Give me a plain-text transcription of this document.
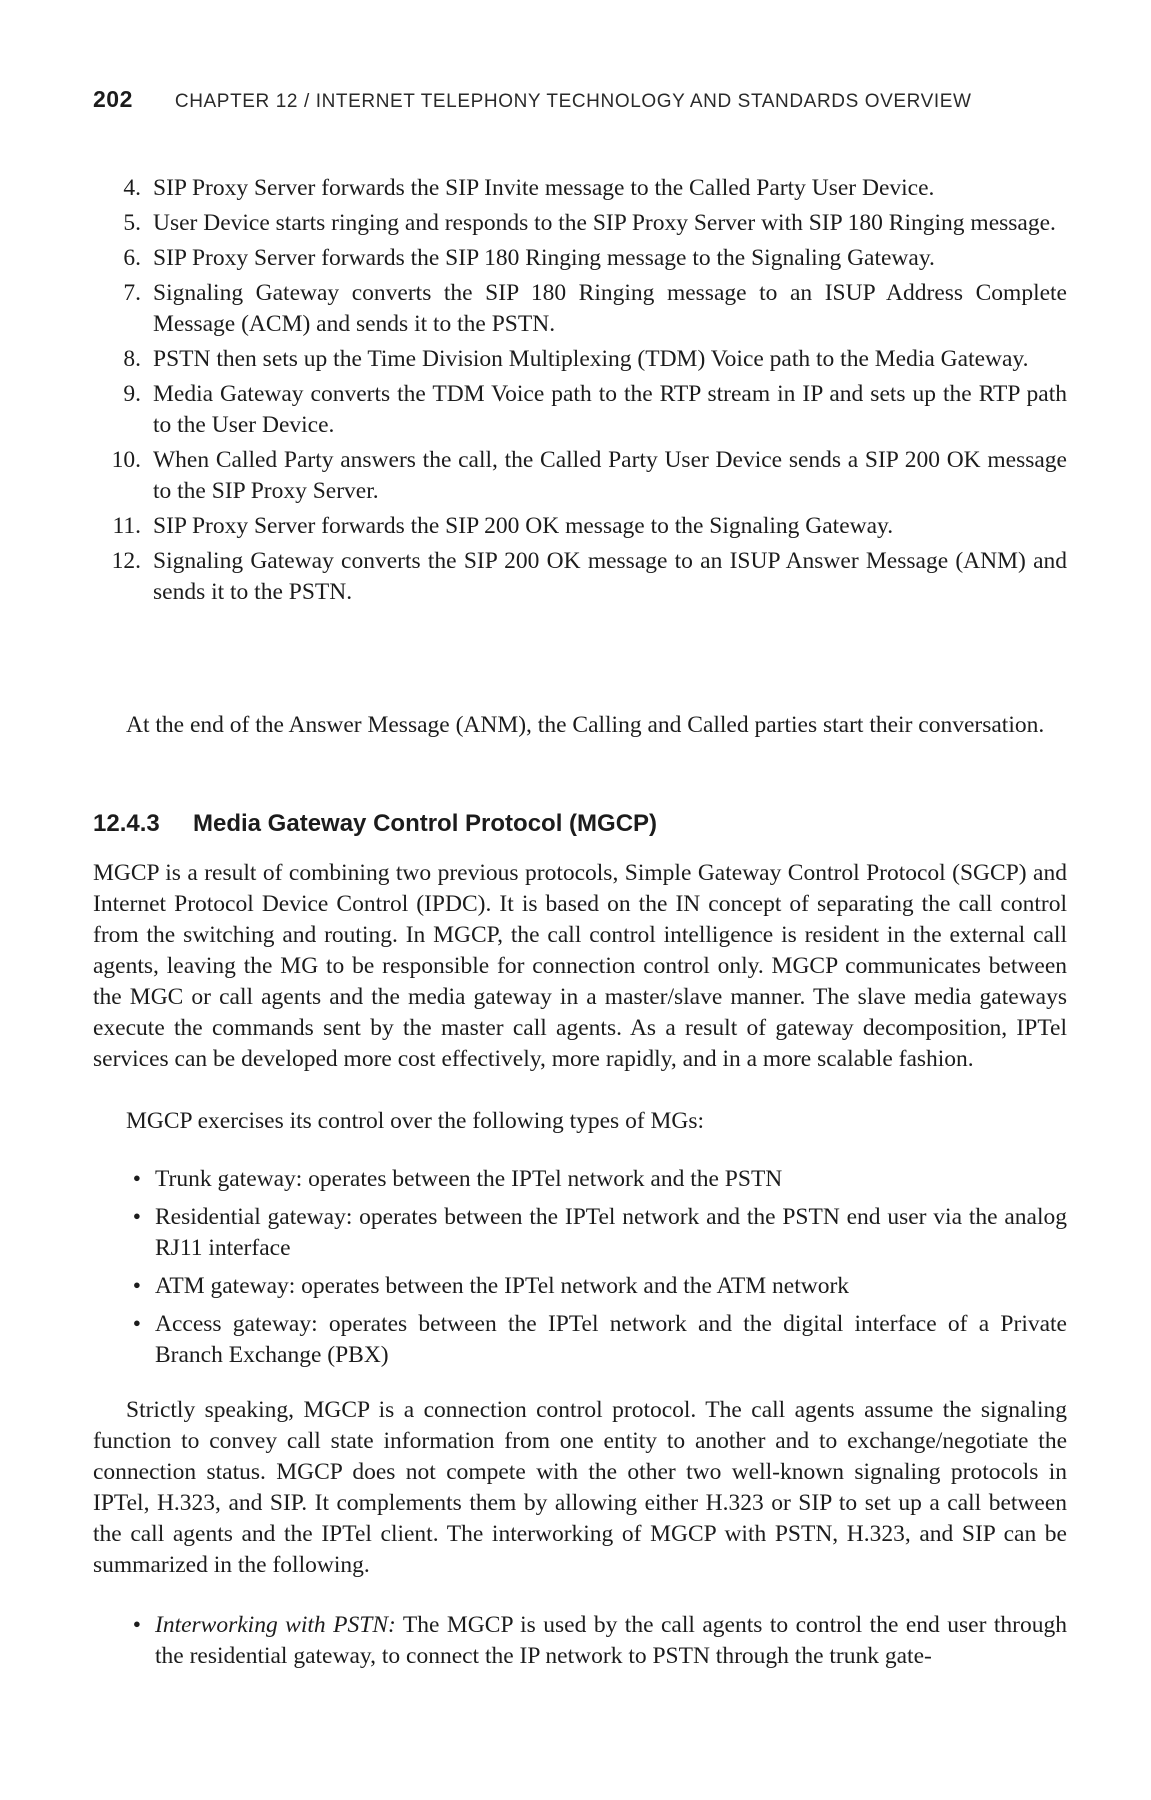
202 CHAPTER 12 / INTERNET TELEPHONY TECHNOLOGY AND STANDARDS OVERVIEW
4. SIP Proxy Server forwards the SIP Invite message to the Called Party User Device.
5. User Device starts ringing and responds to the SIP Proxy Server with SIP 180 Ringing message.
6. SIP Proxy Server forwards the SIP 180 Ringing message to the Signaling Gateway.
7. Signaling Gateway converts the SIP 180 Ringing message to an ISUP Address Complete Message (ACM) and sends it to the PSTN.
8. PSTN then sets up the Time Division Multiplexing (TDM) Voice path to the Media Gateway.
9. Media Gateway converts the TDM Voice path to the RTP stream in IP and sets up the RTP path to the User Device.
10. When Called Party answers the call, the Called Party User Device sends a SIP 200 OK message to the SIP Proxy Server.
11. SIP Proxy Server forwards the SIP 200 OK message to the Signaling Gateway.
12. Signaling Gateway converts the SIP 200 OK message to an ISUP Answer Message (ANM) and sends it to the PSTN.

At the end of the Answer Message (ANM), the Calling and Called parties start their conversation.

12.4.3 Media Gateway Control Protocol (MGCP)

MGCP is a result of combining two previous protocols, Simple Gateway Control Protocol (SGCP) and Internet Protocol Device Control (IPDC). It is based on the IN concept of separating the call control from the switching and routing. In MGCP, the call control intelligence is resident in the external call agents, leaving the MG to be responsible for connection control only. MGCP communicates between the MGC or call agents and the media gateway in a master/slave manner. The slave media gateways execute the commands sent by the master call agents. As a result of gateway decomposition, IPTel services can be developed more cost effectively, more rapidly, and in a more scalable fashion.

MGCP exercises its control over the following types of MGs:

• Trunk gateway: operates between the IPTel network and the PSTN
• Residential gateway: operates between the IPTel network and the PSTN end user via the analog RJ11 interface
• ATM gateway: operates between the IPTel network and the ATM network
• Access gateway: operates between the IPTel network and the digital interface of a Private Branch Exchange (PBX)

Strictly speaking, MGCP is a connection control protocol. The call agents assume the signaling function to convey call state information from one entity to another and to exchange/negotiate the connection status. MGCP does not compete with the other two well-known signaling protocols in IPTel, H.323, and SIP. It complements them by allowing either H.323 or SIP to set up a call between the call agents and the IPTel client. The interworking of MGCP with PSTN, H.323, and SIP can be summarized in the following.

• Interworking with PSTN: The MGCP is used by the call agents to control the end user through the residential gateway, to connect the IP network to PSTN through the trunk gate-
